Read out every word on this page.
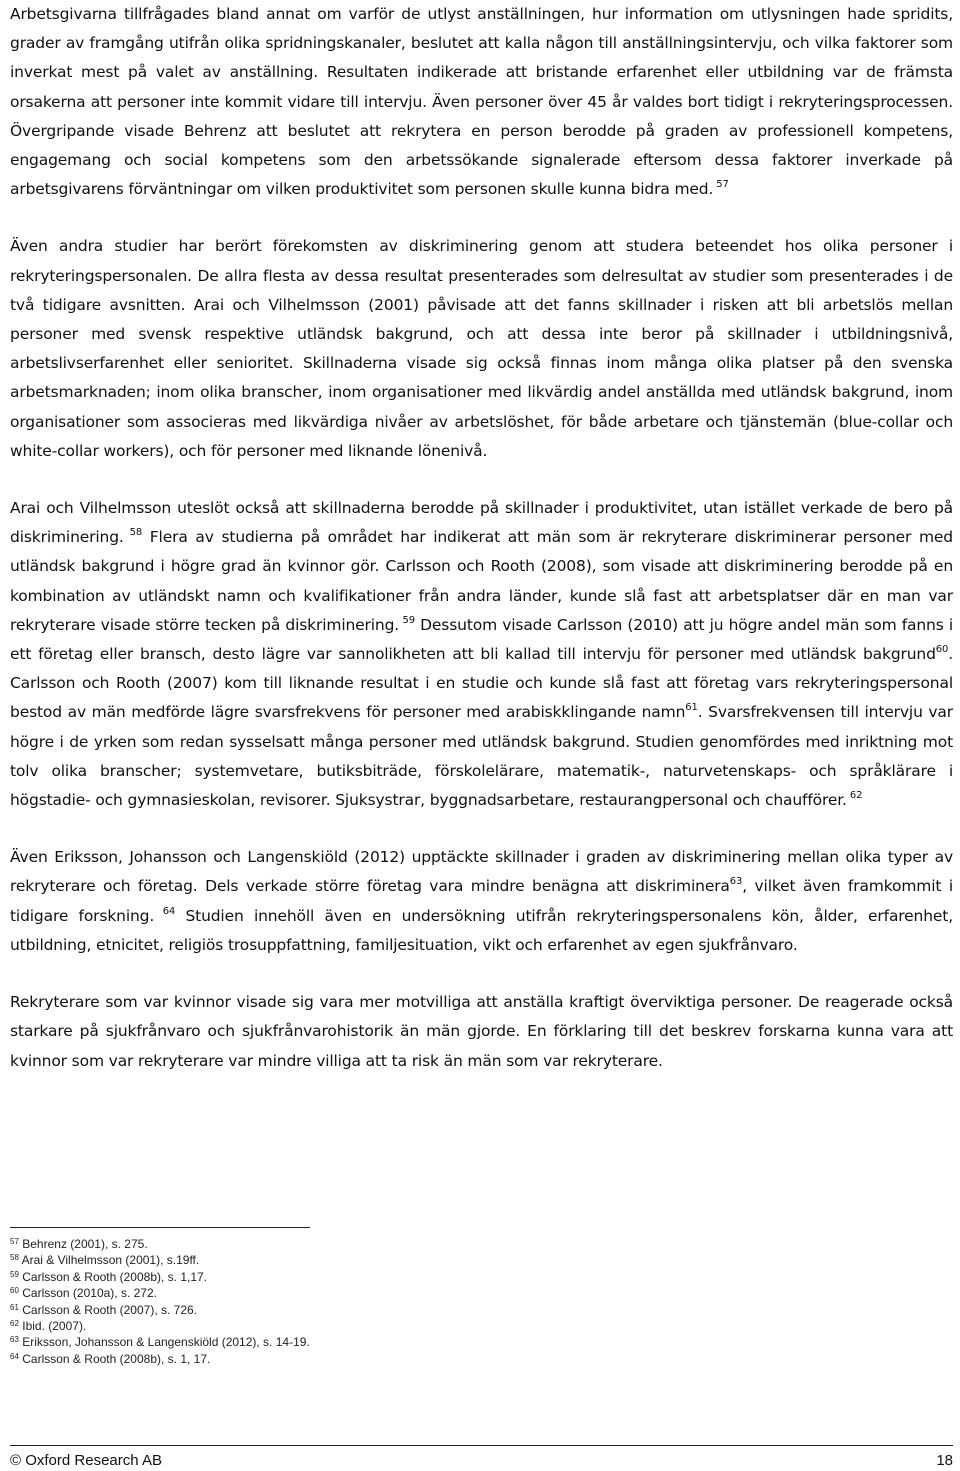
Arbetsgivarna tillfrågades bland annat om varför de utlyst anställningen, hur information om utlysningen hade spridits, grader av framgång utifrån olika spridningskanaler, beslutet att kalla någon till anställningsintervju, och vilka faktorer som inverkat mest på valet av anställning. Resultaten indikerade att bristande erfarenhet eller utbildning var de främsta orsakerna att personer inte kommit vidare till intervju. Även personer över 45 år valdes bort tidigt i rekryteringsprocessen. Övergripande visade Behrenz att beslutet att rekrytera en person berodde på graden av professionell kompetens, engagemang och social kompetens som den arbetssökande signalerade eftersom dessa faktorer inverkade på arbetsgivarens förväntningar om vilken produktivitet som personen skulle kunna bidra med. $^{57}$

Även andra studier har berört förekomsten av diskriminering genom att studera beteendet hos olika personer i rekryteringspersonalen. De allra flesta av dessa resultat presenterades som delresultat av studier som presenterades i de två tidigare avsnitten. Arai och Vilhelmsson (2001) påvisade att det fanns skillnader i risken att bli arbetslös mellan personer med svensk respektive utländsk bakgrund, och att dessa inte beror på skillnader i utbildningsnivå, arbetslivserfarenhet eller senioritet. Skillnaderna visade sig också finnas inom många olika platser på den svenska arbetsmarknaden; inom olika branscher, inom organisationer med likvärdig andel anställda med utländsk bakgrund, inom organisationer som associeras med likvärdiga nivåer av arbetslöshet, för både arbetare och tjänstemän (blue-collar och white-collar workers), och för personer med liknande lönenivå.

Arai och Vilhelmsson uteslöt också att skillnaderna berodde på skillnader i produktivitet, utan istället verkade de bero på diskriminering. $^{58}$ Flera av studierna på området har indikerat att män som är rekryterare diskriminerar personer med utländsk bakgrund i högre grad än kvinnor gör. Carlsson och Rooth (2008), som visade att diskriminering berodde på en kombination av utländskt namn och kvalifikationer från andra länder, kunde slå fast att arbetsplatser där en man var rekryterare visade större tecken på diskriminering. $^{59}$ Dessutom visade Carlsson (2010) att ju högre andel män som fanns i ett företag eller bransch, desto lägre var sannolikheten att bli kallad till intervju för personer med utländsk bakgrund$^{60}$. Carlsson och Rooth (2007) kom till liknande resultat i en studie och kunde slå fast att företag vars rekryteringspersonal bestod av män medförde lägre svarsfrekvens för personer med arabiskklingande namn$^{61}$. Svarsfrekvensen till intervju var högre i de yrken som redan sysselsatt många personer med utländsk bakgrund. Studien genomfördes med inriktning mot tolv olika branscher; systemvetare, butiksbiträde, förskolelärare, matematik-, naturvetenskaps- och språklärare i högstadie- och gymnasieskolan, revisorer. Sjuksystrar, byggnadsarbetare, restaurangpersonal och chaufförer. $^{62}$

Även Eriksson, Johansson och Langenskiöld (2012) upptäckte skillnader i graden av diskriminering mellan olika typer av rekryterare och företag. Dels verkade större företag vara mindre benägna att diskriminera$^{63}$, vilket även framkommit i tidigare forskning. $^{64}$ Studien innehöll även en undersökning utifrån rekryteringspersonalens kön, ålder, erfarenhet, utbildning, etnicitet, religiös trosuppfattning, familjesituation, vikt och erfarenhet av egen sjukfrånvaro.

Rekryterare som var kvinnor visade sig vara mer motvilliga att anställa kraftigt överviktiga personer. De reagerade också starkare på sjukfrånvaro och sjukfrånvarohistorik än män gjorde. En förklaring till det beskrev forskarna kunna vara att kvinnor som var rekryterare var mindre villiga att ta risk än män som var rekryterare.

$^{57}$ Behrenz (2001), s. 275.
$^{58}$ Arai & Vilhelmsson (2001), s.19ff.
$^{59}$ Carlsson & Rooth (2008b), s. 1,17.
$^{60}$ Carlsson (2010a), s. 272.
$^{61}$ Carlsson & Rooth (2007), s. 726.
$^{62}$ Ibid. (2007).
$^{63}$ Eriksson, Johansson & Langenskiöld (2012), s. 14-19.
$^{64}$ Carlsson & Rooth (2008b), s. 1, 17.
© Oxford Research AB	18
